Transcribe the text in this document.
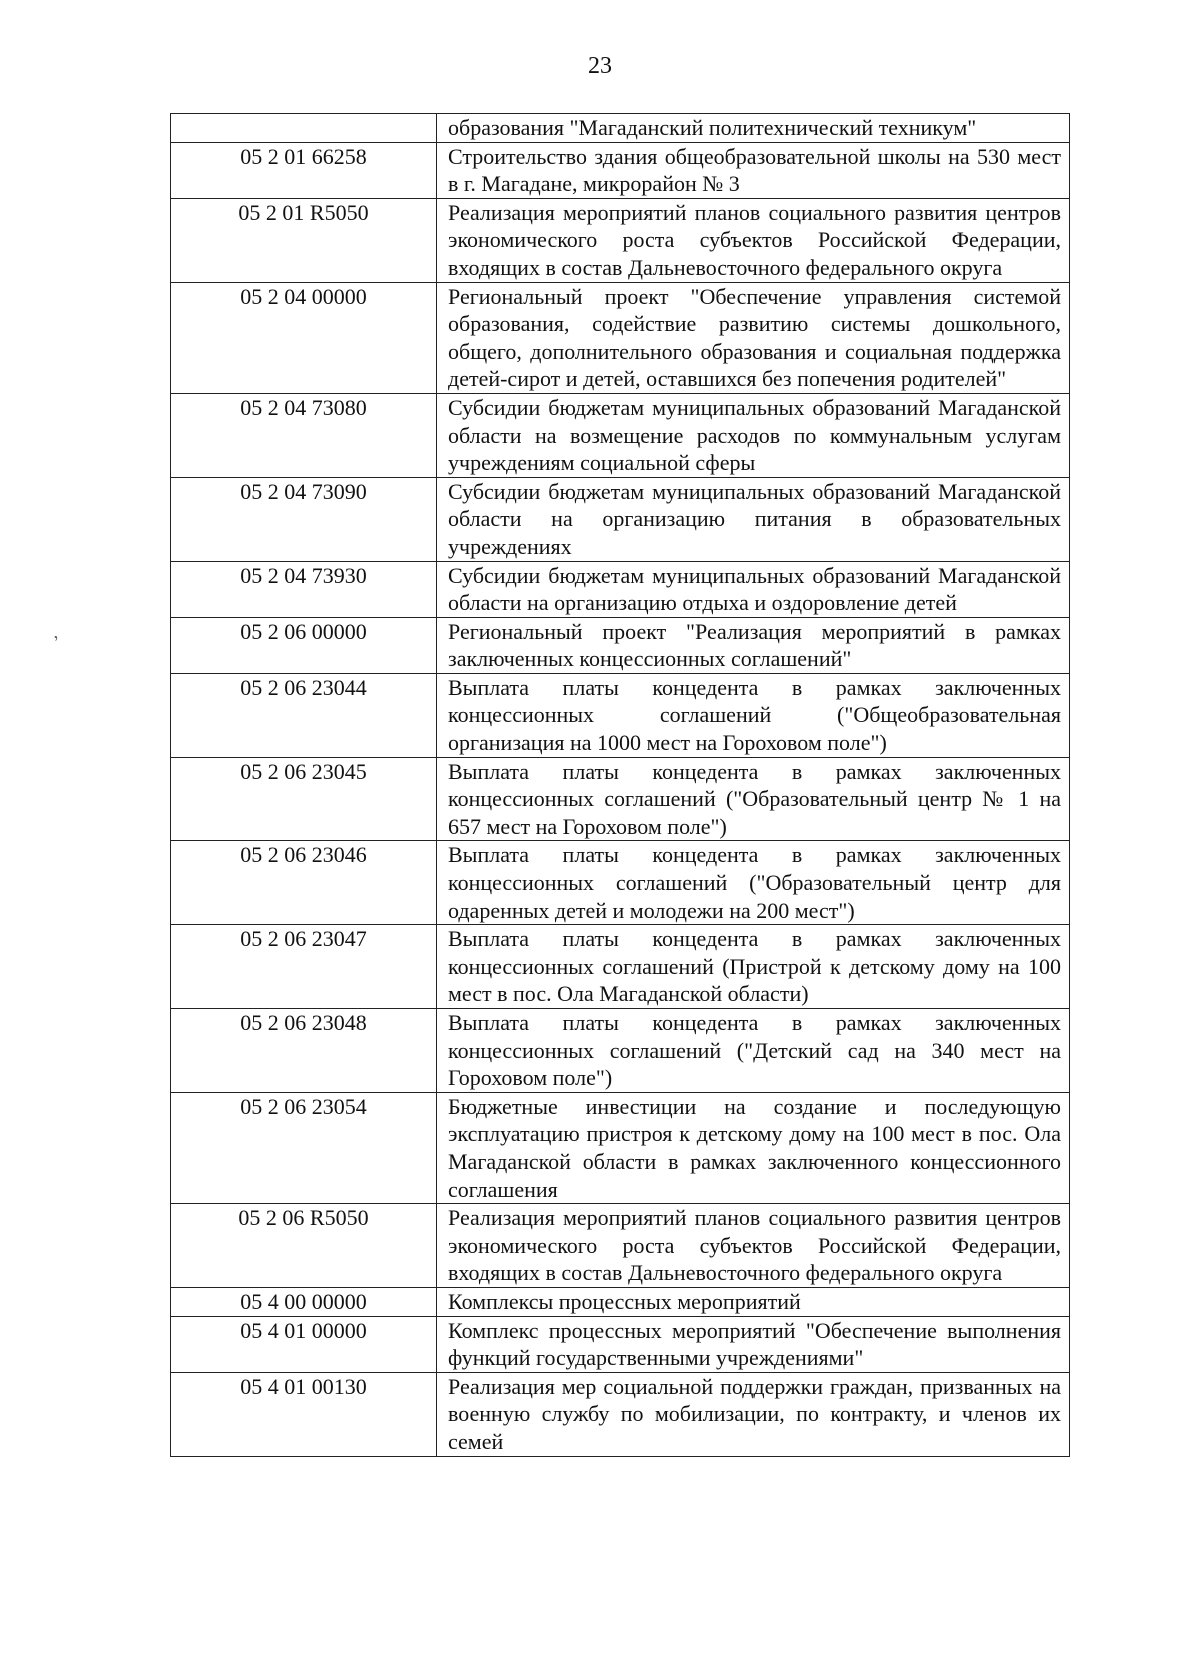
23
,
	образования "Магаданский политехнический техникум"
05 2 01 66258	Строительство здания общеобразовательной школы на 530 мест в г. Магадане, микрорайон № 3
05 2 01 R5050	Реализация мероприятий планов социального развития центров экономического роста субъектов Российской Федерации, входящих в состав Дальневосточного федерального округа
05 2 04 00000	Региональный проект "Обеспечение управления системой образования, содействие развитию системы дошкольного, общего, дополнительного образования и социальная поддержка детей-сирот и детей, оставшихся без попечения родителей"
05 2 04 73080	Субсидии бюджетам муниципальных образований Магаданской области на возмещение расходов по коммунальным услугам учреждениям социальной сферы
05 2 04 73090	Субсидии бюджетам муниципальных образований Магаданской области на организацию питания в образовательных учреждениях
05 2 04 73930	Субсидии бюджетам муниципальных образований Магаданской области на организацию отдыха и оздоровление детей
05 2 06 00000	Региональный проект "Реализация мероприятий в рамках заключенных концессионных соглашений"
05 2 06 23044	Выплата платы концедента в рамках заключенных концессионных соглашений ("Общеобразовательная организация на 1000 мест на Гороховом поле")
05 2 06 23045	Выплата платы концедента в рамках заключенных концессионных соглашений ("Образовательный центр № 1 на 657 мест на Гороховом поле")
05 2 06 23046	Выплата платы концедента в рамках заключенных концессионных соглашений ("Образовательный центр для одаренных детей и молодежи на 200 мест")
05 2 06 23047	Выплата платы концедента в рамках заключенных концессионных соглашений (Пристрой к детскому дому на 100 мест в пос. Ола Магаданской области)
05 2 06 23048	Выплата платы концедента в рамках заключенных концессионных соглашений ("Детский сад на 340 мест на Гороховом поле")
05 2 06 23054	Бюджетные инвестиции на создание и последующую эксплуатацию пристроя к детскому дому на 100 мест в пос. Ола Магаданской области в рамках заключенного концессионного соглашения
05 2 06 R5050	Реализация мероприятий планов социального развития центров экономического роста субъектов Российской Федерации, входящих в состав Дальневосточного федерального округа
05 4 00 00000	Комплексы процессных мероприятий
05 4 01 00000	Комплекс процессных мероприятий "Обеспечение выполнения функций государственными учреждениями"
05 4 01 00130	Реализация мер социальной поддержки граждан, призванных на военную службу по мобилизации, по контракту, и членов их семей
